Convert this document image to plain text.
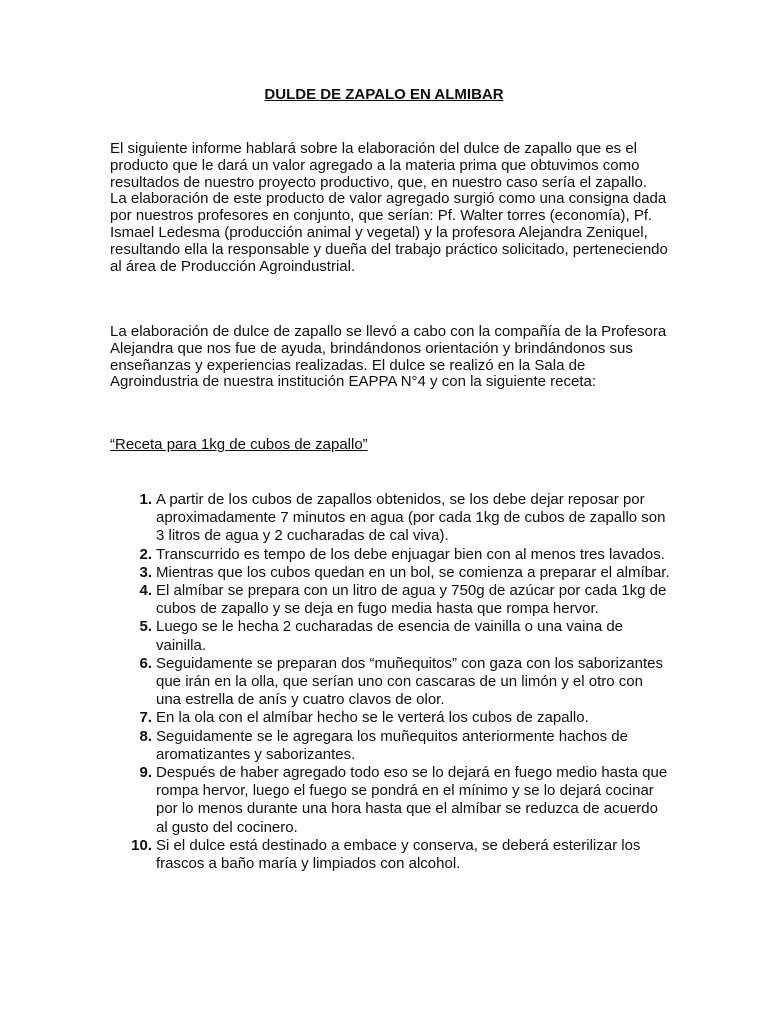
DULDE DE ZAPALO EN ALMIBAR

El siguiente informe hablará sobre la elaboración del dulce de zapallo que es el producto que le dará un valor agregado a la materia prima que obtuvimos como resultados de nuestro proyecto productivo, que, en nuestro caso sería el zapallo.

La elaboración de este producto de valor agregado surgió como una consigna dada por nuestros profesores en conjunto, que serían: Pf. Walter torres (economía), Pf. Ismael Ledesma (producción animal y vegetal) y la profesora Alejandra Zeniquel, resultando ella la responsable y dueña del trabajo práctico solicitado, perteneciendo al área de Producción Agroindustrial.

La elaboración de dulce de zapallo se llevó a cabo con la compañía de la Profesora Alejandra que nos fue de ayuda, brindándonos orientación y brindándonos sus enseñanzas y experiencias realizadas. El dulce se realizó en la Sala de Agroindustria de nuestra institución EAPPA N°4 y con la siguiente receta:

“Receta para 1kg de cubos de zapallo”

1. A partir de los cubos de zapallos obtenidos, se los debe dejar reposar por aproximadamente 7 minutos en agua (por cada 1kg de cubos de zapallo son 3 litros de agua y 2 cucharadas de cal viva).
2. Transcurrido es tempo de los debe enjuagar bien con al menos tres lavados.
3. Mientras que los cubos quedan en un bol, se comienza a preparar el almíbar.
4. El almíbar se prepara con un litro de agua y 750g de azúcar por cada 1kg de cubos de zapallo y se deja en fugo media hasta que rompa hervor.
5. Luego se le hecha 2 cucharadas de esencia de vainilla o una vaina de vainilla.
6. Seguidamente se preparan dos “muñequitos” con gaza con los saborizantes que irán en la olla, que serían uno con cascaras de un limón y el otro con una estrella de anís y cuatro clavos de olor.
7. En la ola con el almíbar hecho se le verterá los cubos de zapallo.
8. Seguidamente se le agregara los muñequitos anteriormente hachos de aromatizantes y saborizantes.
9. Después de haber agregado todo eso se lo dejará en fuego medio hasta que rompa hervor, luego el fuego se pondrá en el mínimo y se lo dejará cocinar por lo menos durante una hora hasta que el almíbar se reduzca de acuerdo al gusto del cocinero.
10. Si el dulce está destinado a embace y conserva, se deberá esterilizar los frascos a baño maría y limpiados con alcohol.
